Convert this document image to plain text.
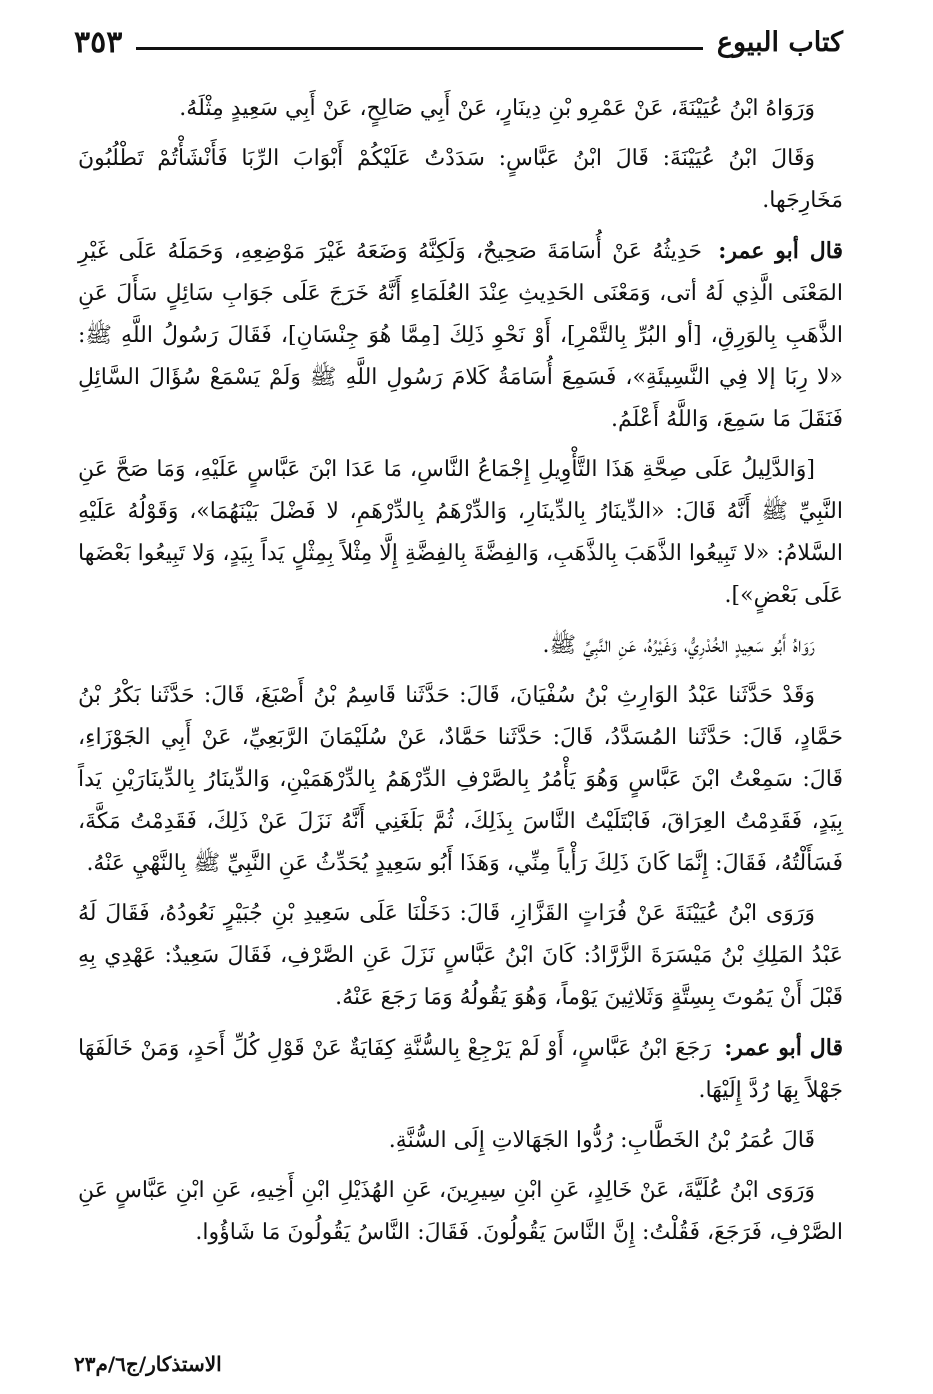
كتاب البيوع
٣٥٣

وَرَوَاهُ ابْنُ عُيَيْنَةَ، عَنْ عَمْرِو بْنِ دِينَارٍ، عَنْ أَبِي صَالِحٍ، عَنْ أَبِي سَعِيدٍ مِثْلَهُ.

وَقَالَ ابْنُ عُيَيْنَةَ: قَالَ ابْنُ عَبَّاسٍ: سَدَدْتُ عَلَيْكُمْ أَبْوَابَ الرِّبَا فَأَنْشَأْتُمْ تَطْلُبُونَ مَخَارِجَها.

قال أبو عمر: حَدِيثُهُ عَنْ أُسَامَةَ صَحِيحٌ، وَلَكِنَّهُ وَضَعَهُ غَيْرَ مَوْضِعِهِ، وَحَمَلَهُ عَلَى غَيْرِ المَعْنَى الَّذِي لَهُ أتى، وَمَعْنَى الحَدِيثِ عِنْدَ العُلَمَاءِ أَنَّهُ خَرَجَ عَلَى جَوَابِ سَائِلٍ سَأَلَ عَنِ الذَّهَبِ بِالوَرِقِ، [أو البُرِّ بِالتَّمْرِ]، أَوْ نَحْوِ ذَلِكَ [مِمَّا هُوَ جِنْسَانِ]، فَقَالَ رَسُولُ اللَّهِ ﷺ: «لا رِبَا إلا فِي النَّسِيئَةِ»، فَسَمِعَ أُسَامَةُ كَلامَ رَسُولِ اللَّهِ ﷺ وَلَمْ يَسْمَعْ سُؤَالَ السَّائِلِ فَنَقَلَ مَا سَمِعَ، وَاللَّهُ أَعْلَمُ.

[وَالدَّلِيلُ عَلَى صِحَّةِ هَذَا التَّأْوِيلِ إِجْمَاعُ النَّاسِ، مَا عَدَا ابْنَ عَبَّاسٍ عَلَيْهِ، وَمَا صَحَّ عَنِ النَّبِيِّ ﷺ أَنَّهُ قَالَ: «الدِّينَارُ بِالدِّينَارِ، وَالدِّرْهَمُ بِالدِّرْهَمِ، لا فَضْلَ بَيْنَهُمَا»، وَقَوْلُهُ عَلَيْهِ السَّلامُ: «لا تَبِيعُوا الذَّهَبَ بِالذَّهَبِ، وَالفِضَّةَ بِالفِضَّةِ إِلَّا مِثْلاً بِمِثْلٍ يَداً بِيَدٍ، وَلا تَبِيعُوا بَعْضَها عَلَى بَعْضٍ»].

رَوَاهُ أَبُو سَعِيدٍ الخُدْرِيُّ، وَغَيْرُهُ، عَنِ النَّبِيِّ ﷺ.

وَقَدْ حَدَّثَنا عَبْدُ الوَارِثِ بْنُ سُفْيَانَ، قَالَ: حَدَّثَنا قَاسِمُ بْنُ أَصْبَغَ، قَالَ: حَدَّثَنا بَكْرُ بْنُ حَمَّادٍ، قَالَ: حَدَّثَنا المُسَدَّدُ، قَالَ: حَدَّثَنا حَمَّادٌ، عَنْ سُلَيْمَانَ الرَّبَعِيِّ، عَنْ أَبِي الجَوْزَاءِ، قَالَ: سَمِعْتُ ابْنَ عَبَّاسٍ وَهُوَ يَأْمُرُ بِالصَّرْفِ الدِّرْهَمُ بِالدِّرْهَمَيْنِ، وَالدِّينَارُ بِالدِّينَارَيْنِ يَداً بِيَدٍ، فَقَدِمْتُ العِرَاقَ، فَابْتَلَيْتُ النَّاسَ بِذَلِكَ، ثُمَّ بَلَغَنِي أَنَّهُ نَزَلَ عَنْ ذَلِكَ، فَقَدِمْتُ مَكَّةَ، فَسَأَلْتُهُ، فَقَالَ: إِنَّمَا كَانَ ذَلِكَ رَأْياً مِنِّي، وَهَذَا أَبُو سَعِيدٍ يُحَدِّثُ عَنِ النَّبِيِّ ﷺ بِالنَّهْيِ عَنْهُ.

وَرَوَى ابْنُ عُيَيْنَةَ عَنْ فُرَاتٍ القَزَّازِ، قَالَ: دَخَلْنَا عَلَى سَعِيدِ بْنِ جُبَيْرٍ نَعُودُهُ، فَقَالَ لَهُ عَبْدُ المَلِكِ بْنُ مَيْسَرَةَ الزَّرَّادُ: كَانَ ابْنُ عَبَّاسٍ نَزَلَ عَنِ الصَّرْفِ، فَقَالَ سَعِيدٌ: عَهْدِي بِهِ قَبْلَ أَنْ يَمُوتَ بِسِتَّةٍ وَثَلاثِينَ يَوْماً، وَهُوَ يَقُولُهُ وَمَا رَجَعَ عَنْهُ.

قال أبو عمر: رَجَعَ ابْنُ عَبَّاسٍ، أَوْ لَمْ يَرْجِعْ بِالسُّنَّةِ كِفَايَةٌ عَنْ قَوْلِ كُلِّ أَحَدٍ، وَمَنْ خَالَفَهَا جَهْلاً بِهَا رُدَّ إِلَيْهَا.

قَالَ عُمَرُ بْنُ الخَطَّابِ: رُدُّوا الجَهَالاتِ إِلَى السُّنَّةِ.

وَرَوَى ابْنُ عُلَيَّةَ، عَنْ خَالِدٍ، عَنِ ابْنِ سِيرِينَ، عَنِ الهُذَيْلِ ابْنِ أَخِيهِ، عَنِ ابْنِ عَبَّاسٍ عَنِ الصَّرْفِ، فَرَجَعَ، فَقُلْتُ: إِنَّ النَّاسَ يَقُولُونَ. فَقَالَ: النَّاسُ يَقُولُونَ مَا شَاؤُوا.

الاستذكار/ج٦/م٢٣
